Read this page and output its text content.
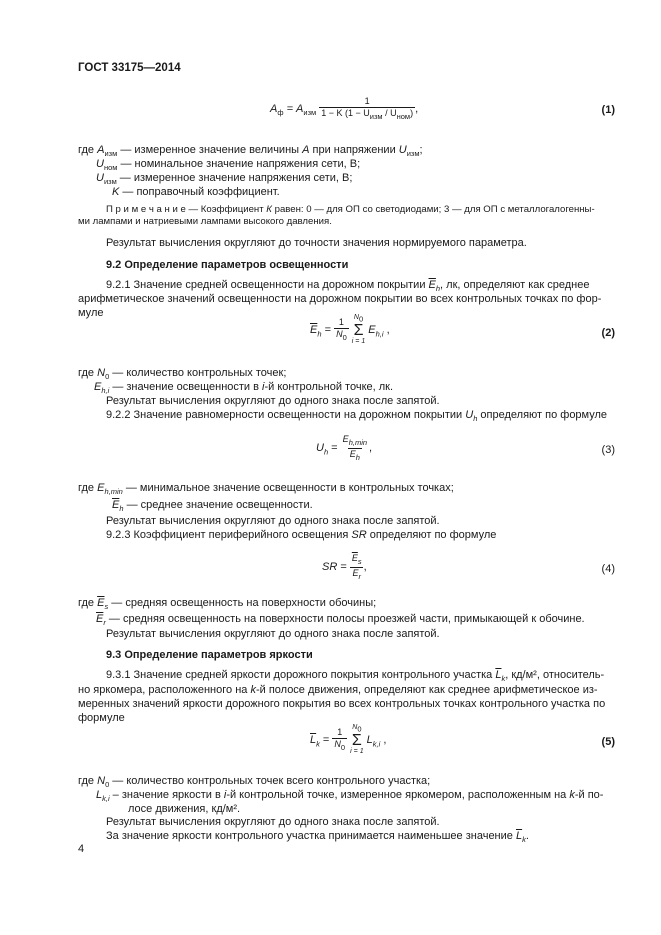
ГОСТ 33175—2014
$A_ф = A_{изм} \frac{1}{1 - K (1 - U_{изм} / U_{ном})}$ ,	(1)
где $A_{изм}$ — измеренное значение величины A при напряжении $U_{изм}$;
$U_{ном}$ — номинальное значение напряжения сети, В;
$U_{изм}$ — измеренное значение напряжения сети, В;
K — поправочный коэффициент.
П р и м е ч а н и е — Коэффициент К равен: 0 — для ОП со светодиодами; 3 — для ОП с металлогалогенны-
ми лампами и натриевыми лампами высокого давления.
Результат вычисления округляют до точности значения нормируемого параметра.
9.2 Определение параметров освещенности
9.2.1 Значение средней освещенности на дорожном покрытии $\overline{E}_h$, лк, определяют как среднее
арифметическое значений освещенности на дорожном покрытии во всех контрольных точках по фор-
муле
$\overline{E}_h = \frac{1}{N_0}$
$N_0$
Σ
i = 1
$E_{h,i}$ ,	(2)
где $N_0$ — количество контрольных точек;
$E_{h,i}$ — значение освещенности в i-й контрольной точке, лк.
Результат вычисления округляют до одного знака после запятой.
9.2.2 Значение равномерности освещенности на дорожном покрытии $U_h$ определяют по формуле
$U_h = \frac{E_{h,min}}{\overline{E}_h}$ ,	(3)
где $E_{h,min}$ — минимальное значение освещенности в контрольных точках;
$\overline{E}_h$ — среднее значение освещенности.
Результат вычисления округляют до одного знака после запятой.
9.2.3 Коэффициент периферийного освещения SR определяют по формуле
SR = $\frac{\overline{E}_s}{\overline{E}_r}$ ,	(4)
где $\overline{E}_s$ — средняя освещенность на поверхности обочины;
$\overline{E}_r$ — средняя освещенность на поверхности полосы проезжей части, примыкающей к обочине.
Результат вычисления округляют до одного знака после запятой.
9.3 Определение параметров яркости
9.3.1 Значение средней яркости дорожного покрытия контрольного участка $\overline{L}_k$, кд/м², относитель-
но яркомера, расположенного на k-й полосе движения, определяют как среднее арифметическое из-
меренных значений яркости дорожного покрытия во всех контрольных точках контрольного участка по
формуле
$\overline{L}_k = \frac{1}{N_0}$
$N_0$
Σ
i = 1
$L_{k,i}$ ,	(5)
где $N_0$ — количество контрольных точек всего контрольного участка;
$L_{k,i}$ – значение яркости в i-й контрольной точке, измеренное яркомером, расположенным на k-й по-
лосе движения, кд/м².
Результат вычисления округляют до одного знака после запятой.
За значение яркости контрольного участка принимается наименьшее значение $\overline{L}_k$.
4
